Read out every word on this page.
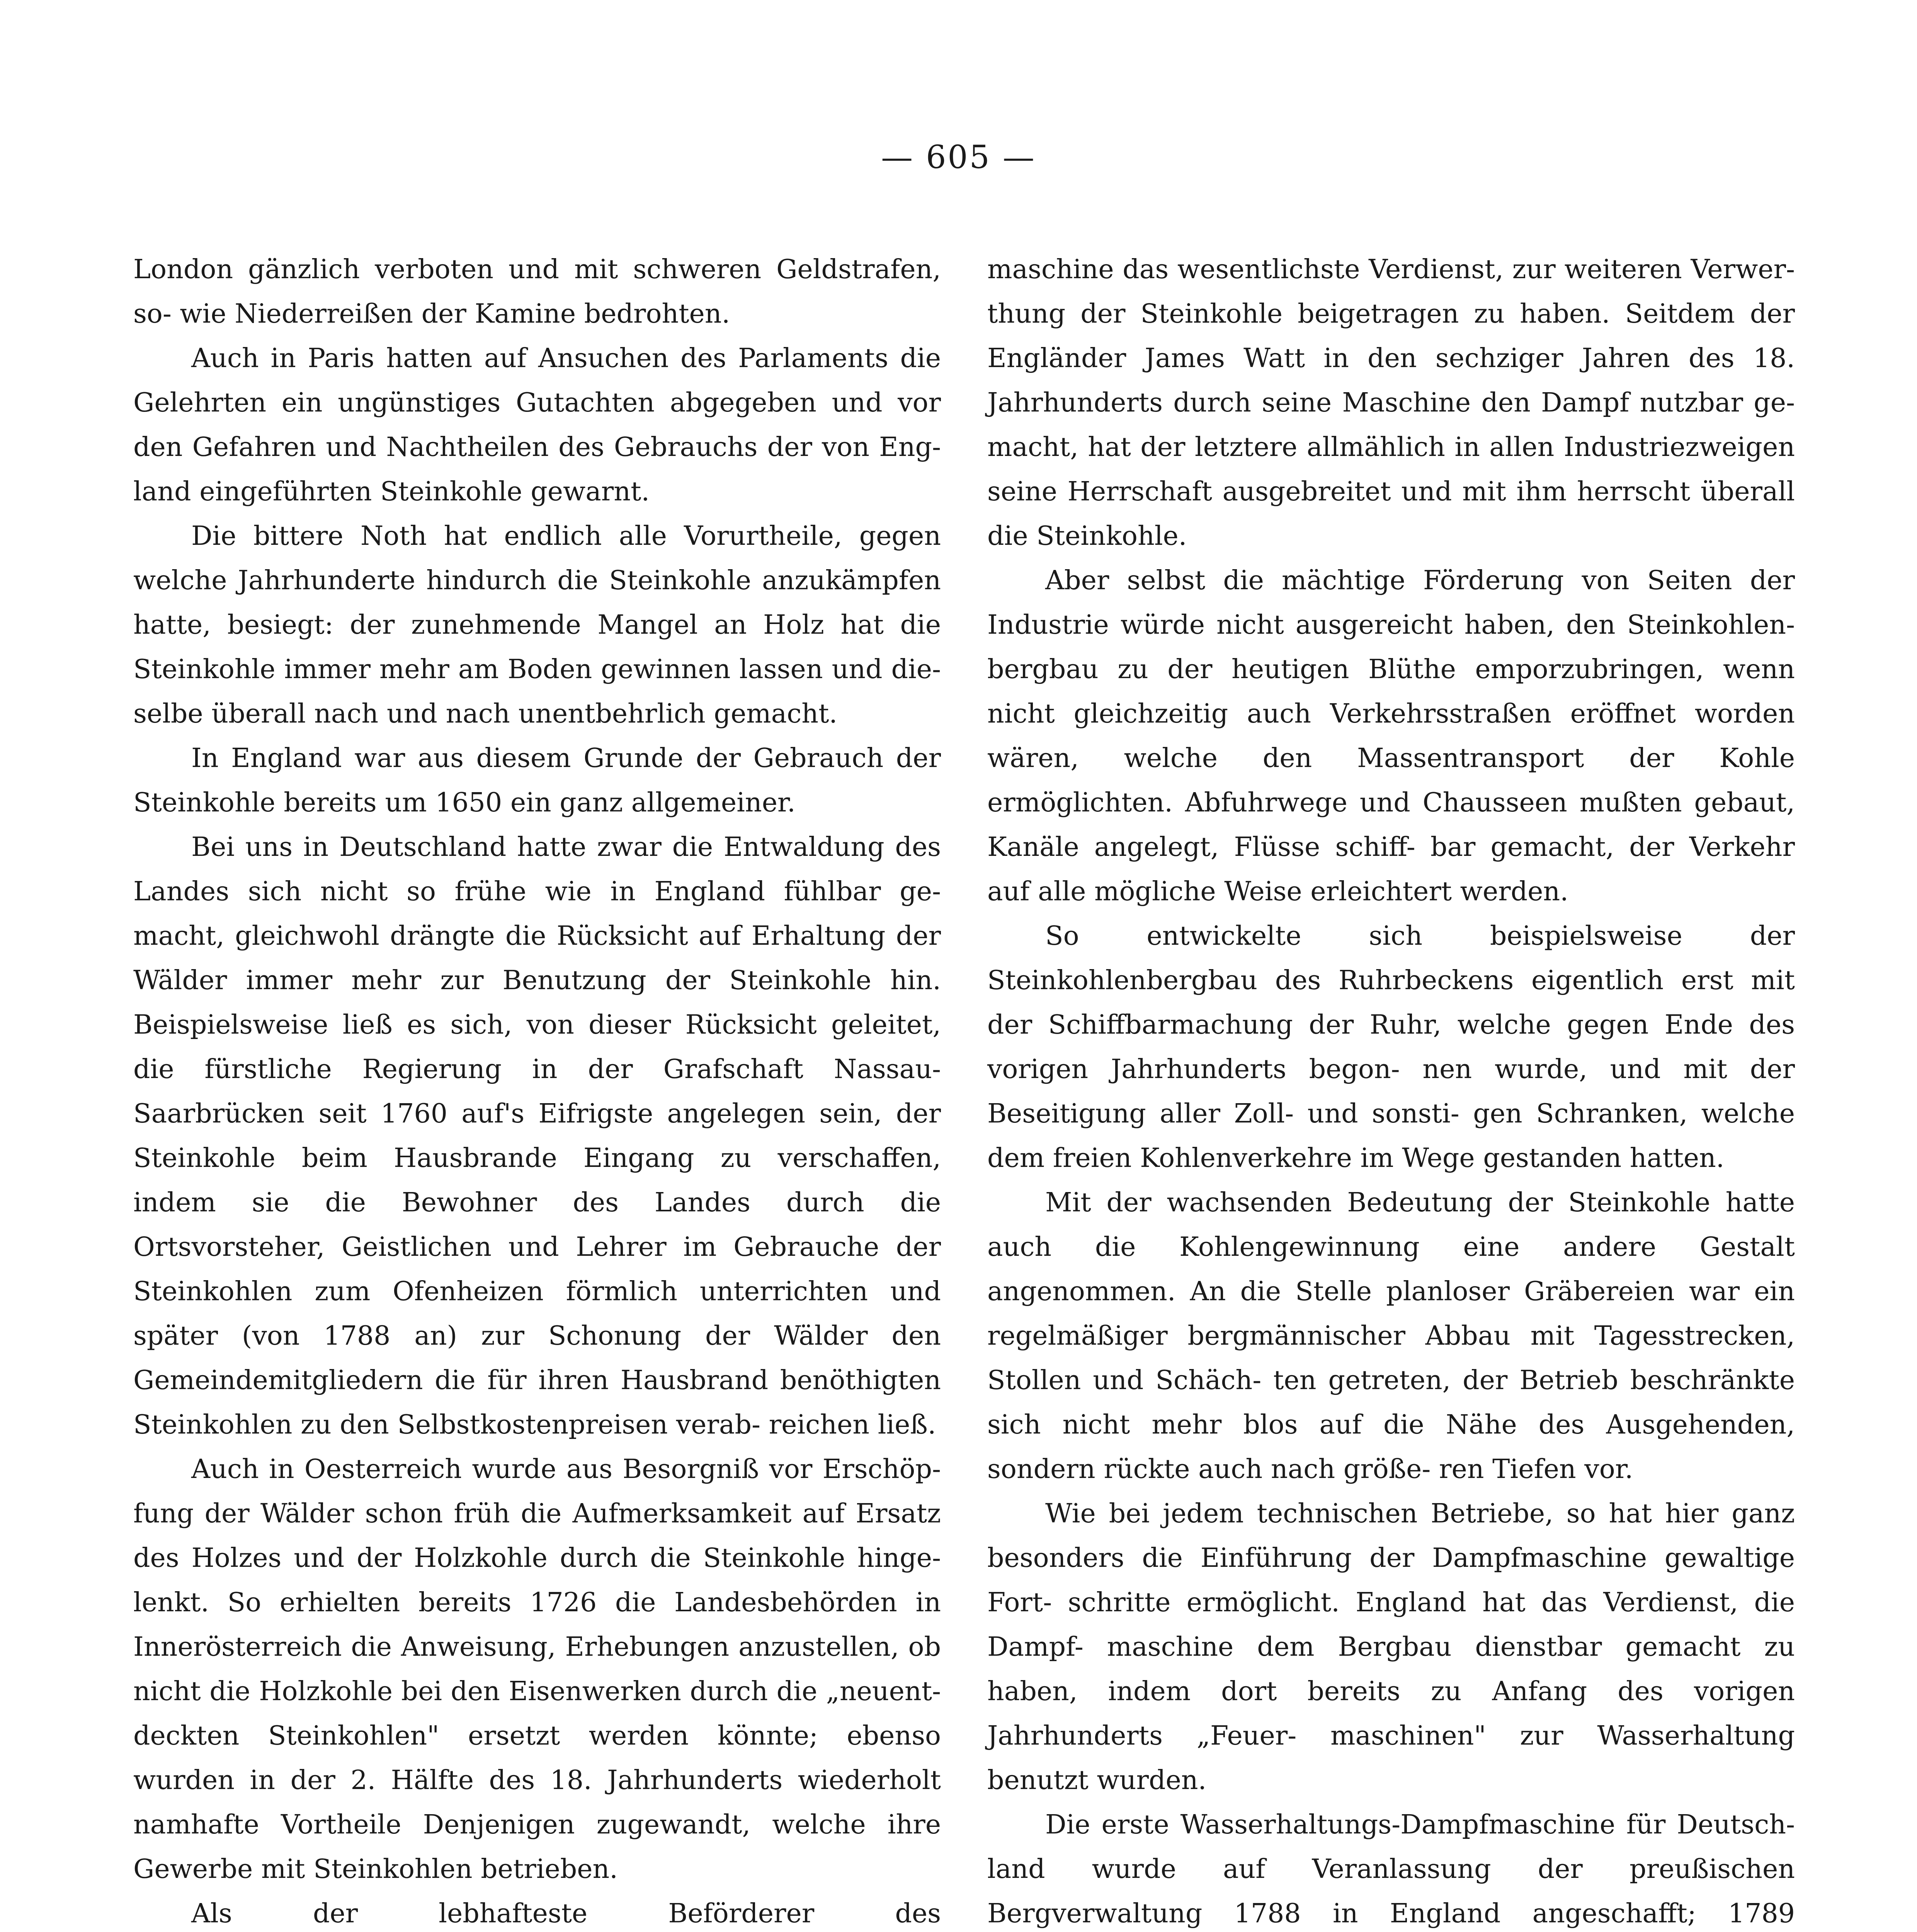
— 605 —

London gänzlich verboten und mit schweren Geldstrafen, so- wie Niederreißen der Kamine bedrohten.

Auch in Paris hatten auf Ansuchen des Parlaments die Gelehrten ein ungünstiges Gutachten abgegeben und vor den Gefahren und Nachtheilen des Gebrauchs der von Eng- land eingeführten Steinkohle gewarnt.

Die bittere Noth hat endlich alle Vorurtheile, gegen welche Jahrhunderte hindurch die Steinkohle anzukämpfen hatte, besiegt: der zunehmende Mangel an Holz hat die Steinkohle immer mehr am Boden gewinnen lassen und die- selbe überall nach und nach unentbehrlich gemacht.

In England war aus diesem Grunde der Gebrauch der Steinkohle bereits um 1650 ein ganz allgemeiner.

Bei uns in Deutschland hatte zwar die Entwaldung des Landes sich nicht so frühe wie in England fühlbar ge- macht, gleichwohl drängte die Rücksicht auf Erhaltung der Wälder immer mehr zur Benutzung der Steinkohle hin. Beispielsweise ließ es sich, von dieser Rücksicht geleitet, die fürstliche Regierung in der Grafschaft Nassau-Saarbrücken seit 1760 auf's Eifrigste angelegen sein, der Steinkohle beim Hausbrande Eingang zu verschaffen, indem sie die Bewohner des Landes durch die Ortsvorsteher, Geistlichen und Lehrer im Gebrauche der Steinkohlen zum Ofenheizen förmlich unterrichten und später (von 1788 an) zur Schonung der Wälder den Gemeindemitgliedern die für ihren Hausbrand benöthigten Steinkohlen zu den Selbstkostenpreisen verab- reichen ließ.

Auch in Oesterreich wurde aus Besorgniß vor Erschöp- fung der Wälder schon früh die Aufmerksamkeit auf Ersatz des Holzes und der Holzkohle durch die Steinkohle hinge- lenkt. So erhielten bereits 1726 die Landesbehörden in Innerösterreich die Anweisung, Erhebungen anzustellen, ob nicht die Holzkohle bei den Eisenwerken durch die „neuent- deckten Steinkohlen" ersetzt werden könnte; ebenso wurden in der 2. Hälfte des 18. Jahrhunderts wiederholt namhafte Vortheile Denjenigen zugewandt, welche ihre Gewerbe mit Steinkohlen betrieben.

Als der lebhafteste Beförderer des

maschine das wesentlichste Verdienst, zur weiteren Verwer- thung der Steinkohle beigetragen zu haben. Seitdem der Engländer James Watt in den sechziger Jahren des 18. Jahrhunderts durch seine Maschine den Dampf nutzbar ge- macht, hat der letztere allmählich in allen Industriezweigen seine Herrschaft ausgebreitet und mit ihm herrscht überall die Steinkohle.

Aber selbst die mächtige Förderung von Seiten der Industrie würde nicht ausgereicht haben, den Steinkohlen- bergbau zu der heutigen Blüthe emporzubringen, wenn nicht gleichzeitig auch Verkehrsstraßen eröffnet worden wären, welche den Massentransport der Kohle ermöglichten. Abfuhrwege und Chausseen mußten gebaut, Kanäle angelegt, Flüsse schiff- bar gemacht, der Verkehr auf alle mögliche Weise erleichtert werden.

So entwickelte sich beispielsweise der Steinkohlenbergbau des Ruhrbeckens eigentlich erst mit der Schiffbarmachung der Ruhr, welche gegen Ende des vorigen Jahrhunderts begon- nen wurde, und mit der Beseitigung aller Zoll- und sonsti- gen Schranken, welche dem freien Kohlenverkehre im Wege gestanden hatten.

Mit der wachsenden Bedeutung der Steinkohle hatte auch die Kohlengewinnung eine andere Gestalt angenommen. An die Stelle planloser Gräbereien war ein regelmäßiger bergmännischer Abbau mit Tagesstrecken, Stollen und Schäch- ten getreten, der Betrieb beschränkte sich nicht mehr blos auf die Nähe des Ausgehenden, sondern rückte auch nach größe- ren Tiefen vor.

Wie bei jedem technischen Betriebe, so hat hier ganz besonders die Einführung der Dampfmaschine gewaltige Fort- schritte ermöglicht. England hat das Verdienst, die Dampf- maschine dem Bergbau dienstbar gemacht zu haben, indem dort bereits zu Anfang des vorigen Jahrhunderts „Feuer- maschinen" zur Wasserhaltung benutzt wurden.

Die erste Wasserhaltungs-Dampfmaschine für Deutsch- land wurde auf Veranlassung der preußischen Bergverwaltung 1788 in England angeschafft; 1789
